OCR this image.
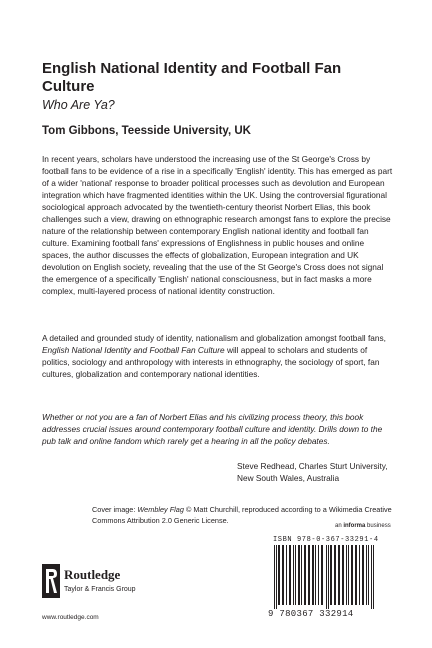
English National Identity and Football Fan Culture

Who Are Ya?

Tom Gibbons, Teesside University, UK

In recent years, scholars have understood the increasing use of the St George's Cross by football fans to be evidence of a rise in a specifically 'English' identity. This has emerged as part of a wider 'national' response to broader political processes such as devolution and European integration which have fragmented identities within the UK. Using the controversial figurational sociological approach advocated by the twentieth-century theorist Norbert Elias, this book challenges such a view, drawing on ethnographic research amongst fans to explore the precise nature of the relationship between contemporary English national identity and football fan culture. Examining football fans' expressions of Englishness in public houses and online spaces, the author discusses the effects of globalization, European integration and UK devolution on English society, revealing that the use of the St George's Cross does not signal the emergence of a specifically 'English' national consciousness, but in fact masks a more complex, multi-layered process of national identity construction.

A detailed and grounded study of identity, nationalism and globalization amongst football fans, English National Identity and Football Fan Culture will appeal to scholars and students of politics, sociology and anthropology with interests in ethnography, the sociology of sport, fan cultures, globalization and contemporary national identities.

Whether or not you are a fan of Norbert Elias and his civilizing process theory, this book addresses crucial issues around contemporary football culture and identity. Drills down to the pub talk and online fandom which rarely get a hearing in all the policy debates.

Steve Redhead, Charles Sturt University,
New South Wales, Australia

Cover image: Wembley Flag © Matt Churchill, reproduced according to a Wikimedia Creative Commons Attribution 2.0 Generic License.

Routledge
Taylor & Francis Group
www.routledge.com
an informa business
ISBN 978-0-367-33291-4
9 780367 332914
